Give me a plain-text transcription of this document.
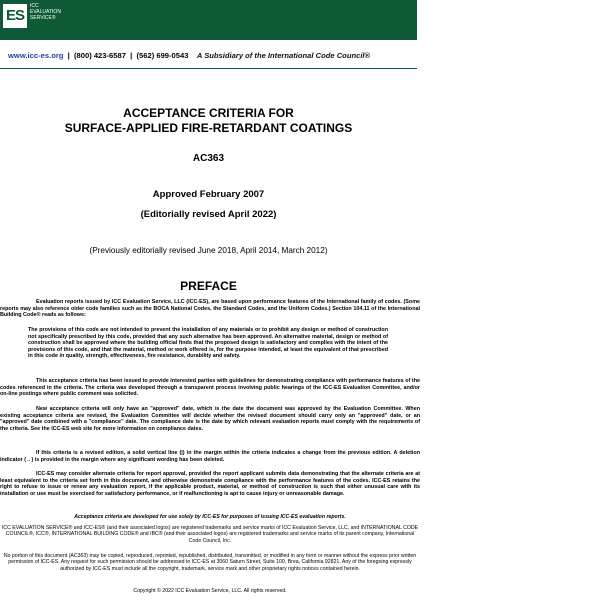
ES
ICC
EVALUATION
SERVICE®
www.icc-es.org  |  (800) 423-6587  |  (562) 699-0543 A Subsidiary of the International Code Council®
ACCEPTANCE CRITERIA FOR
SURFACE-APPLIED FIRE-RETARDANT COATINGS
AC363
Approved February 2007
(Editorially revised April 2022)
(Previously editorially revised June 2018, April 2014, March 2012)
PREFACE
Evaluation reports issued by ICC Evaluation Service, LLC (ICC-ES), are based upon performance features of the International family of codes. (Some reports may also reference older code families such as the BOCA National Codes, the Standard Codes, and the Uniform Codes.) Section 104.11 of the International Building Code® reads as follows:
The provisions of this code are not intended to prevent the installation of any materials or to prohibit any design or method of construction not specifically prescribed by this code, provided that any such alternative has been approved. An alternative material, design or method of construction shall be approved where the building official finds that the proposed design is satisfactory and complies with the intent of the provisions of this code, and that the material, method or work offered is, for the purpose intended, at least the equivalent of that prescribed in this code in quality, strength, effectiveness, fire resistance, durability and safety.
This acceptance criteria has been issued to provide interested parties with guidelines for demonstrating compliance with performance features of the codes referenced in the criteria. The criteria was developed through a transparent process involving public hearings of the ICC-ES Evaluation Committee, and/or on-line postings where public comment was solicited.
New acceptance criteria will only have an "approved" date, which is the date the document was approved by the Evaluation Committee. When existing acceptance criteria are revised, the Evaluation Committee will decide whether the revised document should carry only an "approved" date, or an "approved" date combined with a "compliance" date. The compliance date is the date by which relevant evaluation reports must comply with the requirements of the criteria. See the ICC-ES web site for more information on compliance dates.
If this criteria is a revised edition, a solid vertical line (|) in the margin within the criteria indicates a change from the previous edition. A deletion indicator (→) is provided in the margin where any significant wording has been deleted.
ICC-ES may consider alternate criteria for report approval, provided the report applicant submits data demonstrating that the alternate criteria are at least equivalent to the criteria set forth in this document, and otherwise demonstrate compliance with the performance features of the codes. ICC-ES retains the right to refuse to issue or renew any evaluation report, if the applicable product, material, or method of construction is such that either unusual care with its installation or use must be exercised for satisfactory performance, or if malfunctioning is apt to cause injury or unreasonable damage.
Acceptance criteria are developed for use solely by ICC-ES for purposes of issuing ICC-ES evaluation reports.
ICC EVALUATION SERVICE® and ICC-ES® (and their associated logos) are registered trademarks and service marks of ICC Evaluation Service, LLC, and INTERNATIONAL CODE COUNCIL®, ICC®, INTERNATIONAL BUILDING CODE® and IBC® (and their associated logos) are registered trademarks and service marks of its parent company, International Code Council, Inc.
No portion of this document (AC363) may be copied, reproduced, reprinted, republished, distributed, transmitted, or modified in any form or manner without the express prior written permission of ICC-ES. Any request for such permission should be addressed to ICC-ES at 3060 Saturn Street, Suite 100, Brea, California 92821. Any of the foregoing expressly authorized by ICC-ES must include all the copyright, trademark, service mark and other proprietary rights notices contained herein.
Copyright © 2022 ICC Evaluation Service, LLC. All rights reserved.
